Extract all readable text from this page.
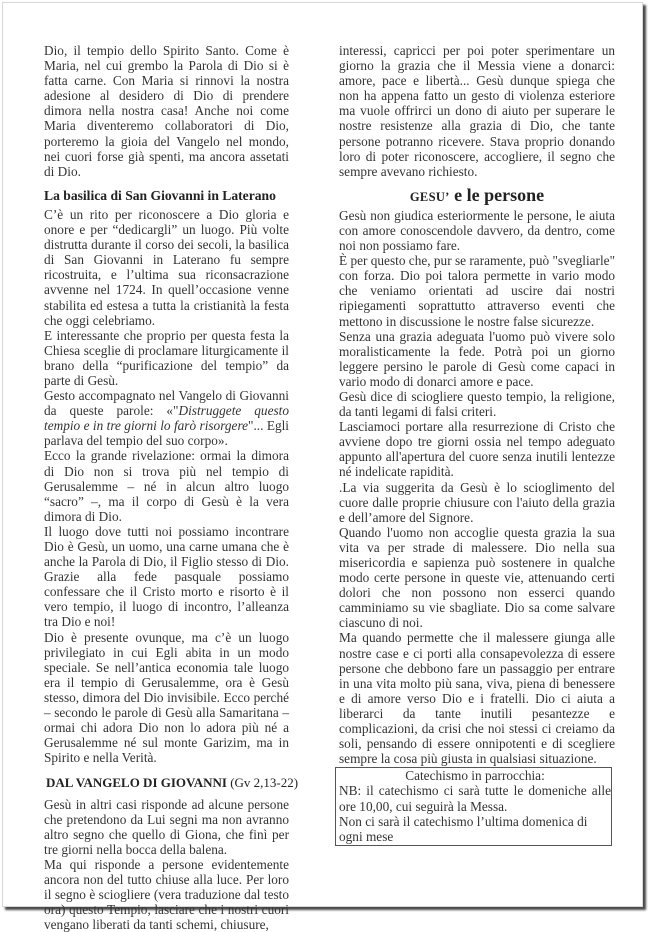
Dio, il tempio dello Spirito Santo. Come è Maria, nel cui grembo la Parola di Dio si è fatta carne. Con Maria si rinnovi la nostra adesione al desidero di Dio di prendere dimora nella nostra casa! Anche noi come Maria diventeremo collaboratori di Dio, porteremo la gioia del Vangelo nel mondo, nei cuori forse già spenti, ma ancora assetati di Dio.

La basilica di San Giovanni in Laterano

C’è un rito per riconoscere a Dio gloria e onore e per “dedicargli” un luogo. Più volte distrutta durante il corso dei secoli, la basilica di San Giovanni in Laterano fu sempre ricostruita, e l’ultima sua riconsacrazione avvenne nel 1724. In quell’occasione venne stabilita ed estesa a tutta la cristianità la festa che oggi celebriamo.

E interessante che proprio per questa festa la Chiesa sceglie di proclamare liturgicamente il brano della “purificazione del tempio” da parte di Gesù.

Gesto accompagnato nel Vangelo di Giovanni da queste parole: «"Distruggete questo tempio e in tre giorni lo farò risorgere"... Egli parlava del tempio del suo corpo».

Ecco la grande rivelazione: ormai la dimora di Dio non si trova più nel tempio di Gerusalemme – né in alcun altro luogo “sacro” –, ma il corpo di Gesù è la vera dimora di Dio.

Il luogo dove tutti noi possiamo incontrare Dio è Gesù, un uomo, una carne umana che è anche la Parola di Dio, il Figlio stesso di Dio. Grazie alla fede pasquale possiamo confessare che il Cristo morto e risorto è il vero tempio, il luogo di incontro, l’alleanza tra Dio e noi!

Dio è presente ovunque, ma c’è un luogo privilegiato in cui Egli abita in un modo speciale. Se nell’antica economia tale luogo era il tempio di Gerusalemme, ora è Gesù stesso, dimora del Dio invisibile. Ecco perché – secondo le parole di Gesù alla Samaritana – ormai chi adora Dio non lo adora più né a Gerusalemme né sul monte Garizim, ma in Spirito e nella Verità.

DAL VANGELO DI GIOVANNI (Gv 2,13-22)

Gesù in altri casi risponde ad alcune persone che pretendono da Lui segni ma non avranno altro segno che quello di Giona, che finì per tre giorni nella bocca della balena.

Ma qui risponde a persone evidentemente ancora non del tutto chiuse alla luce. Per loro il segno è sciogliere (vera traduzione dal testo ora) questo Tempio, lasciare che i nostri cuori vengano liberati da tanti schemi, chiusure,

interessi, capricci per poi poter sperimentare un giorno la grazia che il Messia viene a donarci: amore, pace e libertà... Gesù dunque spiega che non ha appena fatto un gesto di violenza esteriore ma vuole offrirci un dono di aiuto per superare le nostre resistenze alla grazia di Dio, che tante persone potranno ricevere. Stava proprio donando loro di poter riconoscere, accogliere, il segno che sempre avevano richiesto.

GESU’ e le persone

Gesù non giudica esteriormente le persone, le aiuta con amore conoscendole davvero, da dentro, come noi non possiamo fare.

È per questo che, pur se raramente, può "svegliarle" con forza. Dio poi talora permette in vario modo che veniamo orientati ad uscire dai nostri ripiegamenti soprattutto attraverso eventi che mettono in discussione le nostre false sicurezze.

Senza una grazia adeguata l'uomo può vivere solo moralisticamente la fede. Potrà poi un giorno leggere persino le parole di Gesù come capaci in vario modo di donarci amore e pace.

Gesù dice di sciogliere questo tempio, la religione, da tanti legami di falsi criteri.

Lasciamoci portare alla resurrezione di Cristo che avviene dopo tre giorni ossia nel tempo adeguato appunto all'apertura del cuore senza inutili lentezze né indelicate rapidità.

.La via suggerita da Gesù è lo scioglimento del cuore dalle proprie chiusure con l'aiuto della grazia e dell’amore del Signore.

Quando l'uomo non accoglie questa grazia la sua vita va per strade di malessere. Dio nella sua misericordia e sapienza può sostenere in qualche modo certe persone in queste vie, attenuando certi dolori che non possono non esserci quando camminiamo su vie sbagliate. Dio sa come salvare ciascuno di noi.

Ma quando permette che il malessere giunga alle nostre case e ci porti alla consapevolezza di essere persone che debbono fare un passaggio per entrare in una vita molto più sana, viva, piena di benessere e di amore verso Dio e i fratelli. Dio ci aiuta a liberarci da tante inutili pesantezze e complicazioni, da crisi che noi stessi ci creiamo da soli, pensando di essere onnipotenti e di scegliere sempre la cosa più giusta in qualsiasi situazione.

Catechismo in parrocchia:

NB: il catechismo ci sarà tutte le domeniche alle ore 10,00, cui seguirà la Messa.

Non ci sarà il catechismo l’ultima domenica di ogni mese
